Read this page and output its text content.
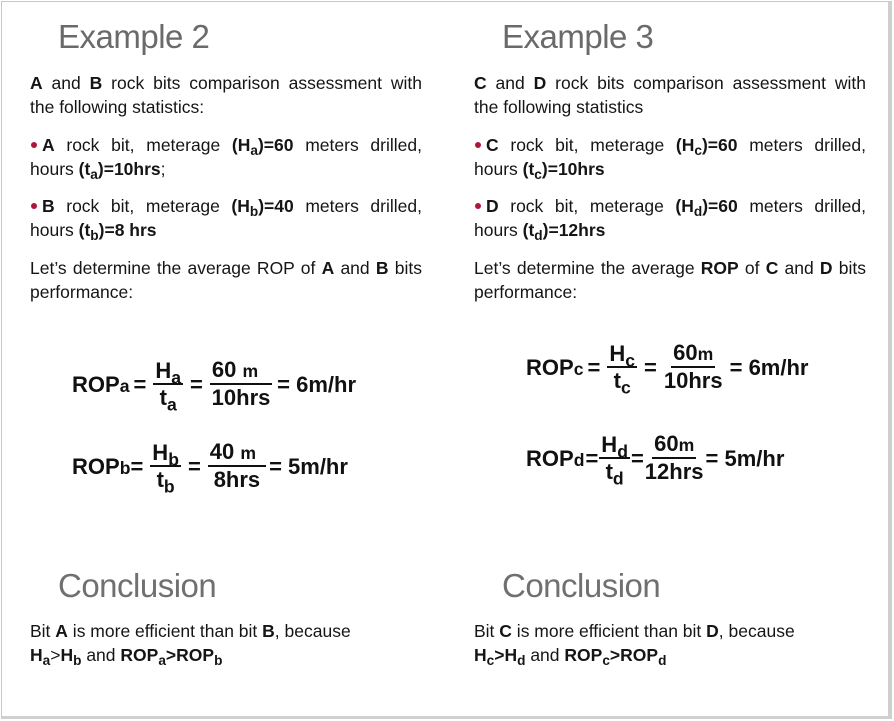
Example 2
A and B rock bits comparison assessment with the following statistics:
A rock bit, meterage $(H_a)=60$ meters drilled, hours $(t_a)=10hrs$;
B rock bit, meterage $(H_b)=40$ meters drilled, hours $(t_b)=8$ hrs
Let’s determine the average ROP of A and B bits performance:
ROP $a = \frac{H_a}{t_a} = \frac{60 m}{\text{10hrs}} = 6m/hr$
ROP $b = \frac{H_b}{t_b} = \frac{40 m}{\text{8hrs}} = 5m/hr$
Conclusion
Bit A is more efficient than bit B, because
$H_a>H_b$ and $ROP_a>ROP_b$
Example 3
C and D rock bits comparison assessment with the following statistics
C rock bit, meterage $(H_c)=60$ meters drilled, hours $(t_c)=10hrs$
D rock bit, meterage $(H_d)=60$ meters drilled, hours $(t_d)=12hrs$
Let’s determine the average ROP of C and D bits performance:
ROP $c = \frac{H_c}{t_c} = \frac{60m}{\text{10hrs}} = 6m/hr$
ROP $d = \frac{H_d}{t_d} = \frac{60m}{\text{12hrs}} = 5m/hr$
Conclusion
Bit C is more efficient than bit D, because
$H_c>H_d$ and $ROP_c>ROP_d$
